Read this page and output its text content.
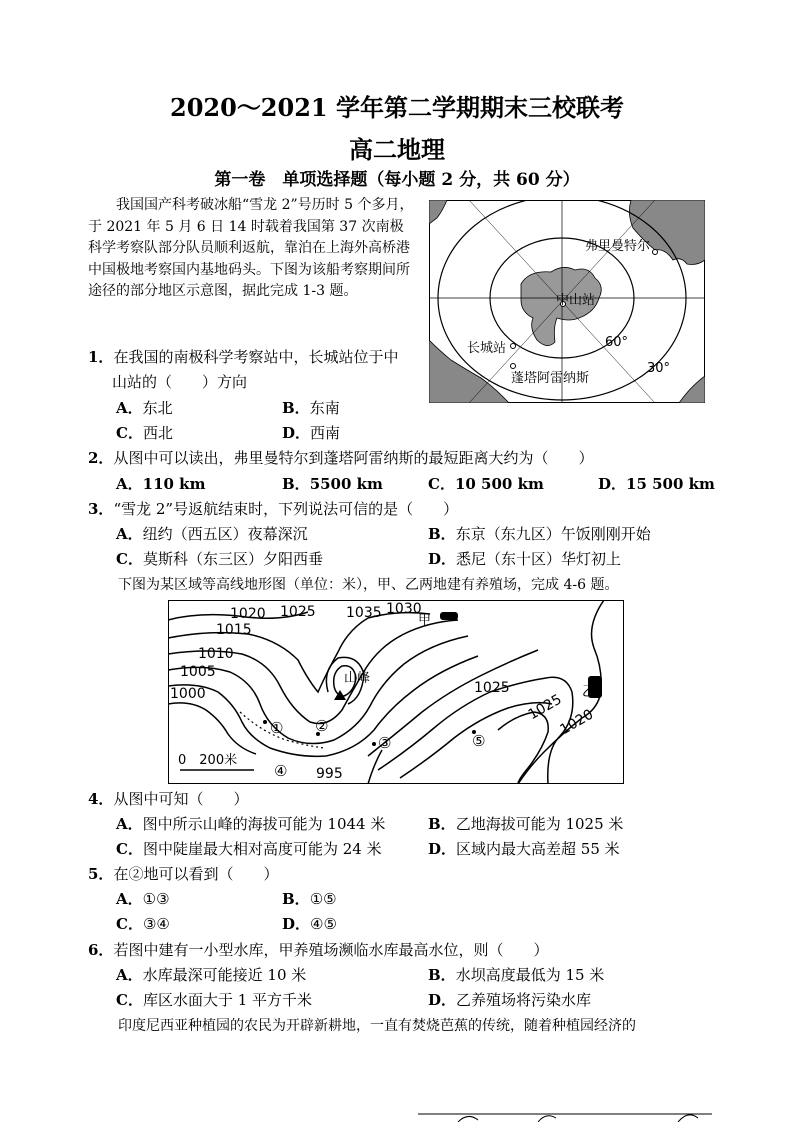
2020～2021 学年第二学期期末三校联考
高二地理
第一卷　单项选择题（每小题 2 分，共 60 分）
我国国产科考破冰船“雪龙 2”号历时 5 个多月，于 2021 年 5 月 6 日 14 时载着我国第 37 次南极科学考察队部分队员顺利返航，靠泊在上海外高桥港中国极地考察国内基地码头。下图为该船考察期间所途径的部分地区示意图，据此完成 1-3 题。
弗里曼特尔
中山站
长城站
蓬塔阿雷纳斯
60°
30°
1．在我国的南极科学考察站中，长城站位于中
山站的（　　）方向
A．东北	B．东南
C．西北	D．西南
2．从图中可以读出，弗里曼特尔到蓬塔阿雷纳斯的最短距离大约为（　　）
A．110 km	B．5500 km	C．10 500 km	D．15 500 km
3．“雪龙 2”号返航结束时，下列说法可信的是（　　）
A．纽约（西五区）夜幕深沉	B．东京（东九区）午饭刚刚开始
C．莫斯科（东三区）夕阳西垂	D．悉尼（东十区）华灯初上
下图为某区域等高线地形图（单位：米），甲、乙两地建有养殖场，完成 4-6 题。
0　200米
1020 1025 1035 1030
1015
1010
1005
1000
995
1025
1025
1020
山峰
甲
乙
① ②
③
④
⑤
4．从图中可知（　　）
A．图中所示山峰的海拔可能为 1044 米	B．乙地海拔可能为 1025 米
C．图中陡崖最大相对高度可能为 24 米	D．区域内最大高差超 55 米
5．在②地可以看到（　　）
A．①③	B．①⑤
C．③④	D．④⑤
6．若图中建有一小型水库，甲养殖场濒临水库最高水位，则（　　）
A．水库最深可能接近 10 米	B．水坝高度最低为 15 米
C．库区水面大于 1 平方千米	D．乙养殖场将污染水库
印度尼西亚种植园的农民为开辟新耕地，一直有焚烧芭蕉的传统，随着种植园经济的
